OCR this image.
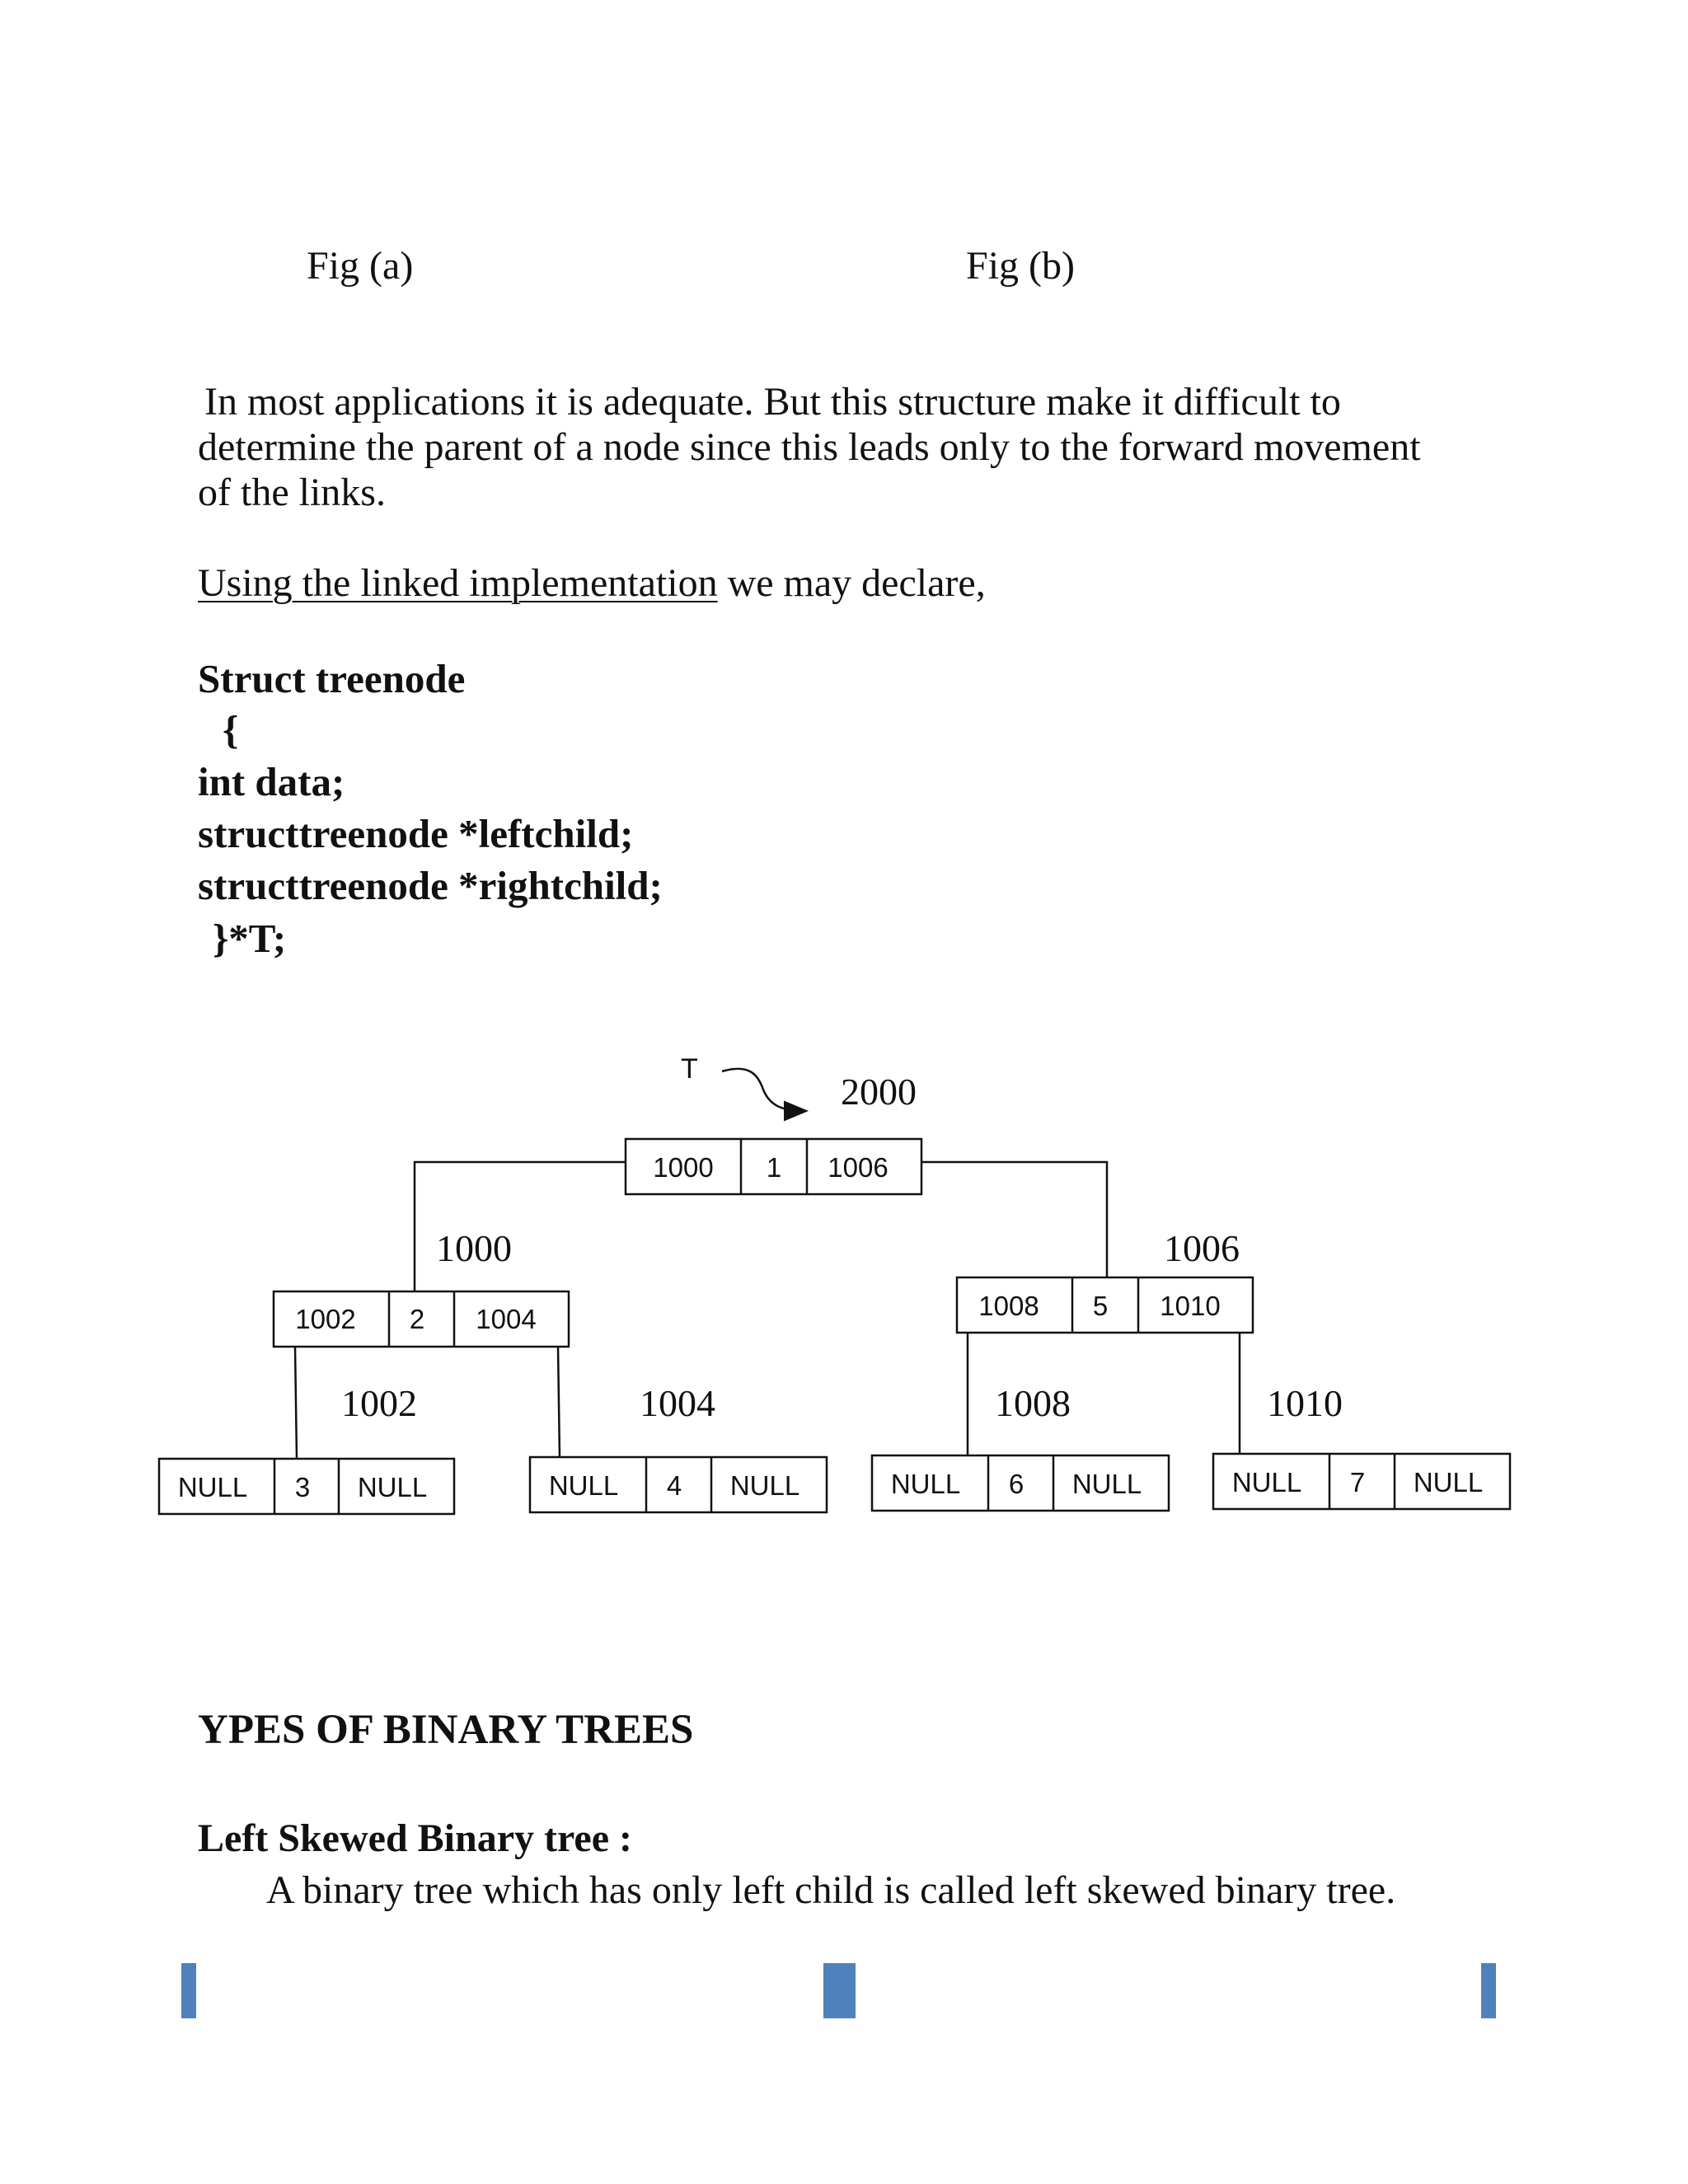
Fig (a)	Fig (b)
In most applications it is adequate. But this structure make it difficult to
determine the parent of a node since this leads only to the forward movement
of the links.
Using the linked implementation we may declare,
Struct treenode
{
int data;
structtreenode *leftchild;
structtreenode *rightchild;
}*T;
T
2000
1000 1 1006
1000	1006
1002 2 1004	1008 5 1010
1002	1004	1008	1010
NULL 3 NULL	NULL 4 NULL	NULL 6 NULL	NULL 7 NULL
YPES OF BINARY TREES
Left Skewed Binary tree :
A binary tree which has only left child is called left skewed binary tree.
